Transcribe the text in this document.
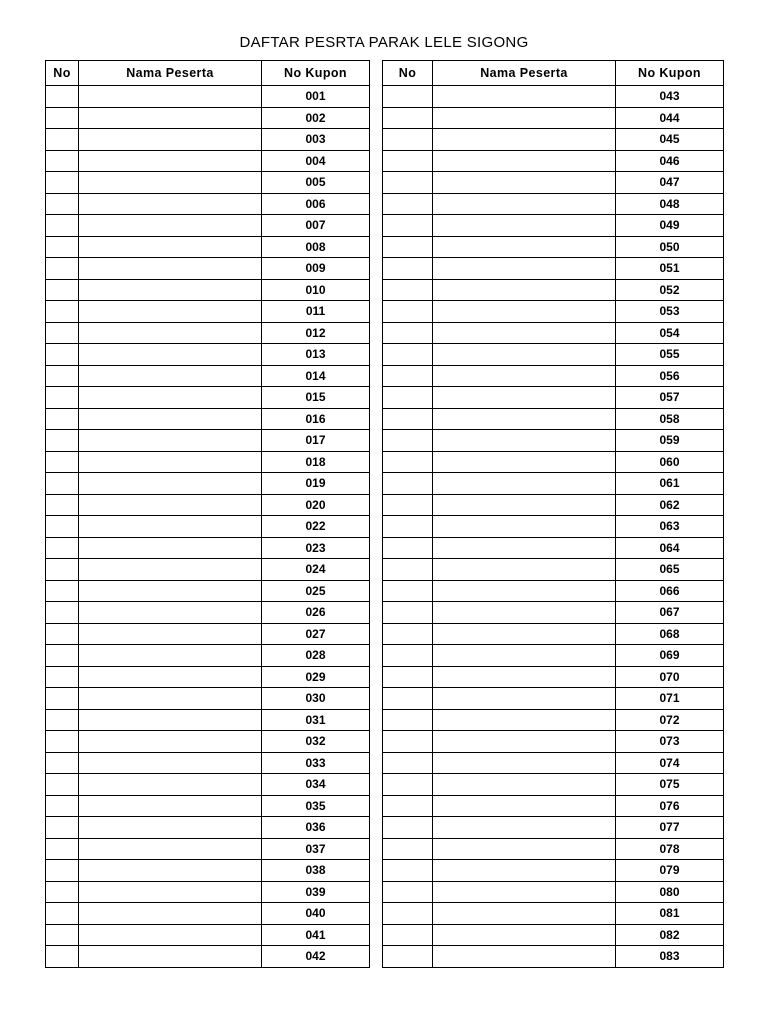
DAFTAR PESRTA PARAK LELE SIGONG
No	Nama Peserta	No Kupon
		001
		002
		003
		004
		005
		006
		007
		008
		009
		010
		011
		012
		013
		014
		015
		016
		017
		018
		019
		020
		022
		023
		024
		025
		026
		027
		028
		029
		030
		031
		032
		033
		034
		035
		036
		037
		038
		039
		040
		041
		042
No	Nama Peserta	No Kupon
		043
		044
		045
		046
		047
		048
		049
		050
		051
		052
		053
		054
		055
		056
		057
		058
		059
		060
		061
		062
		063
		064
		065
		066
		067
		068
		069
		070
		071
		072
		073
		074
		075
		076
		077
		078
		079
		080
		081
		082
		083
